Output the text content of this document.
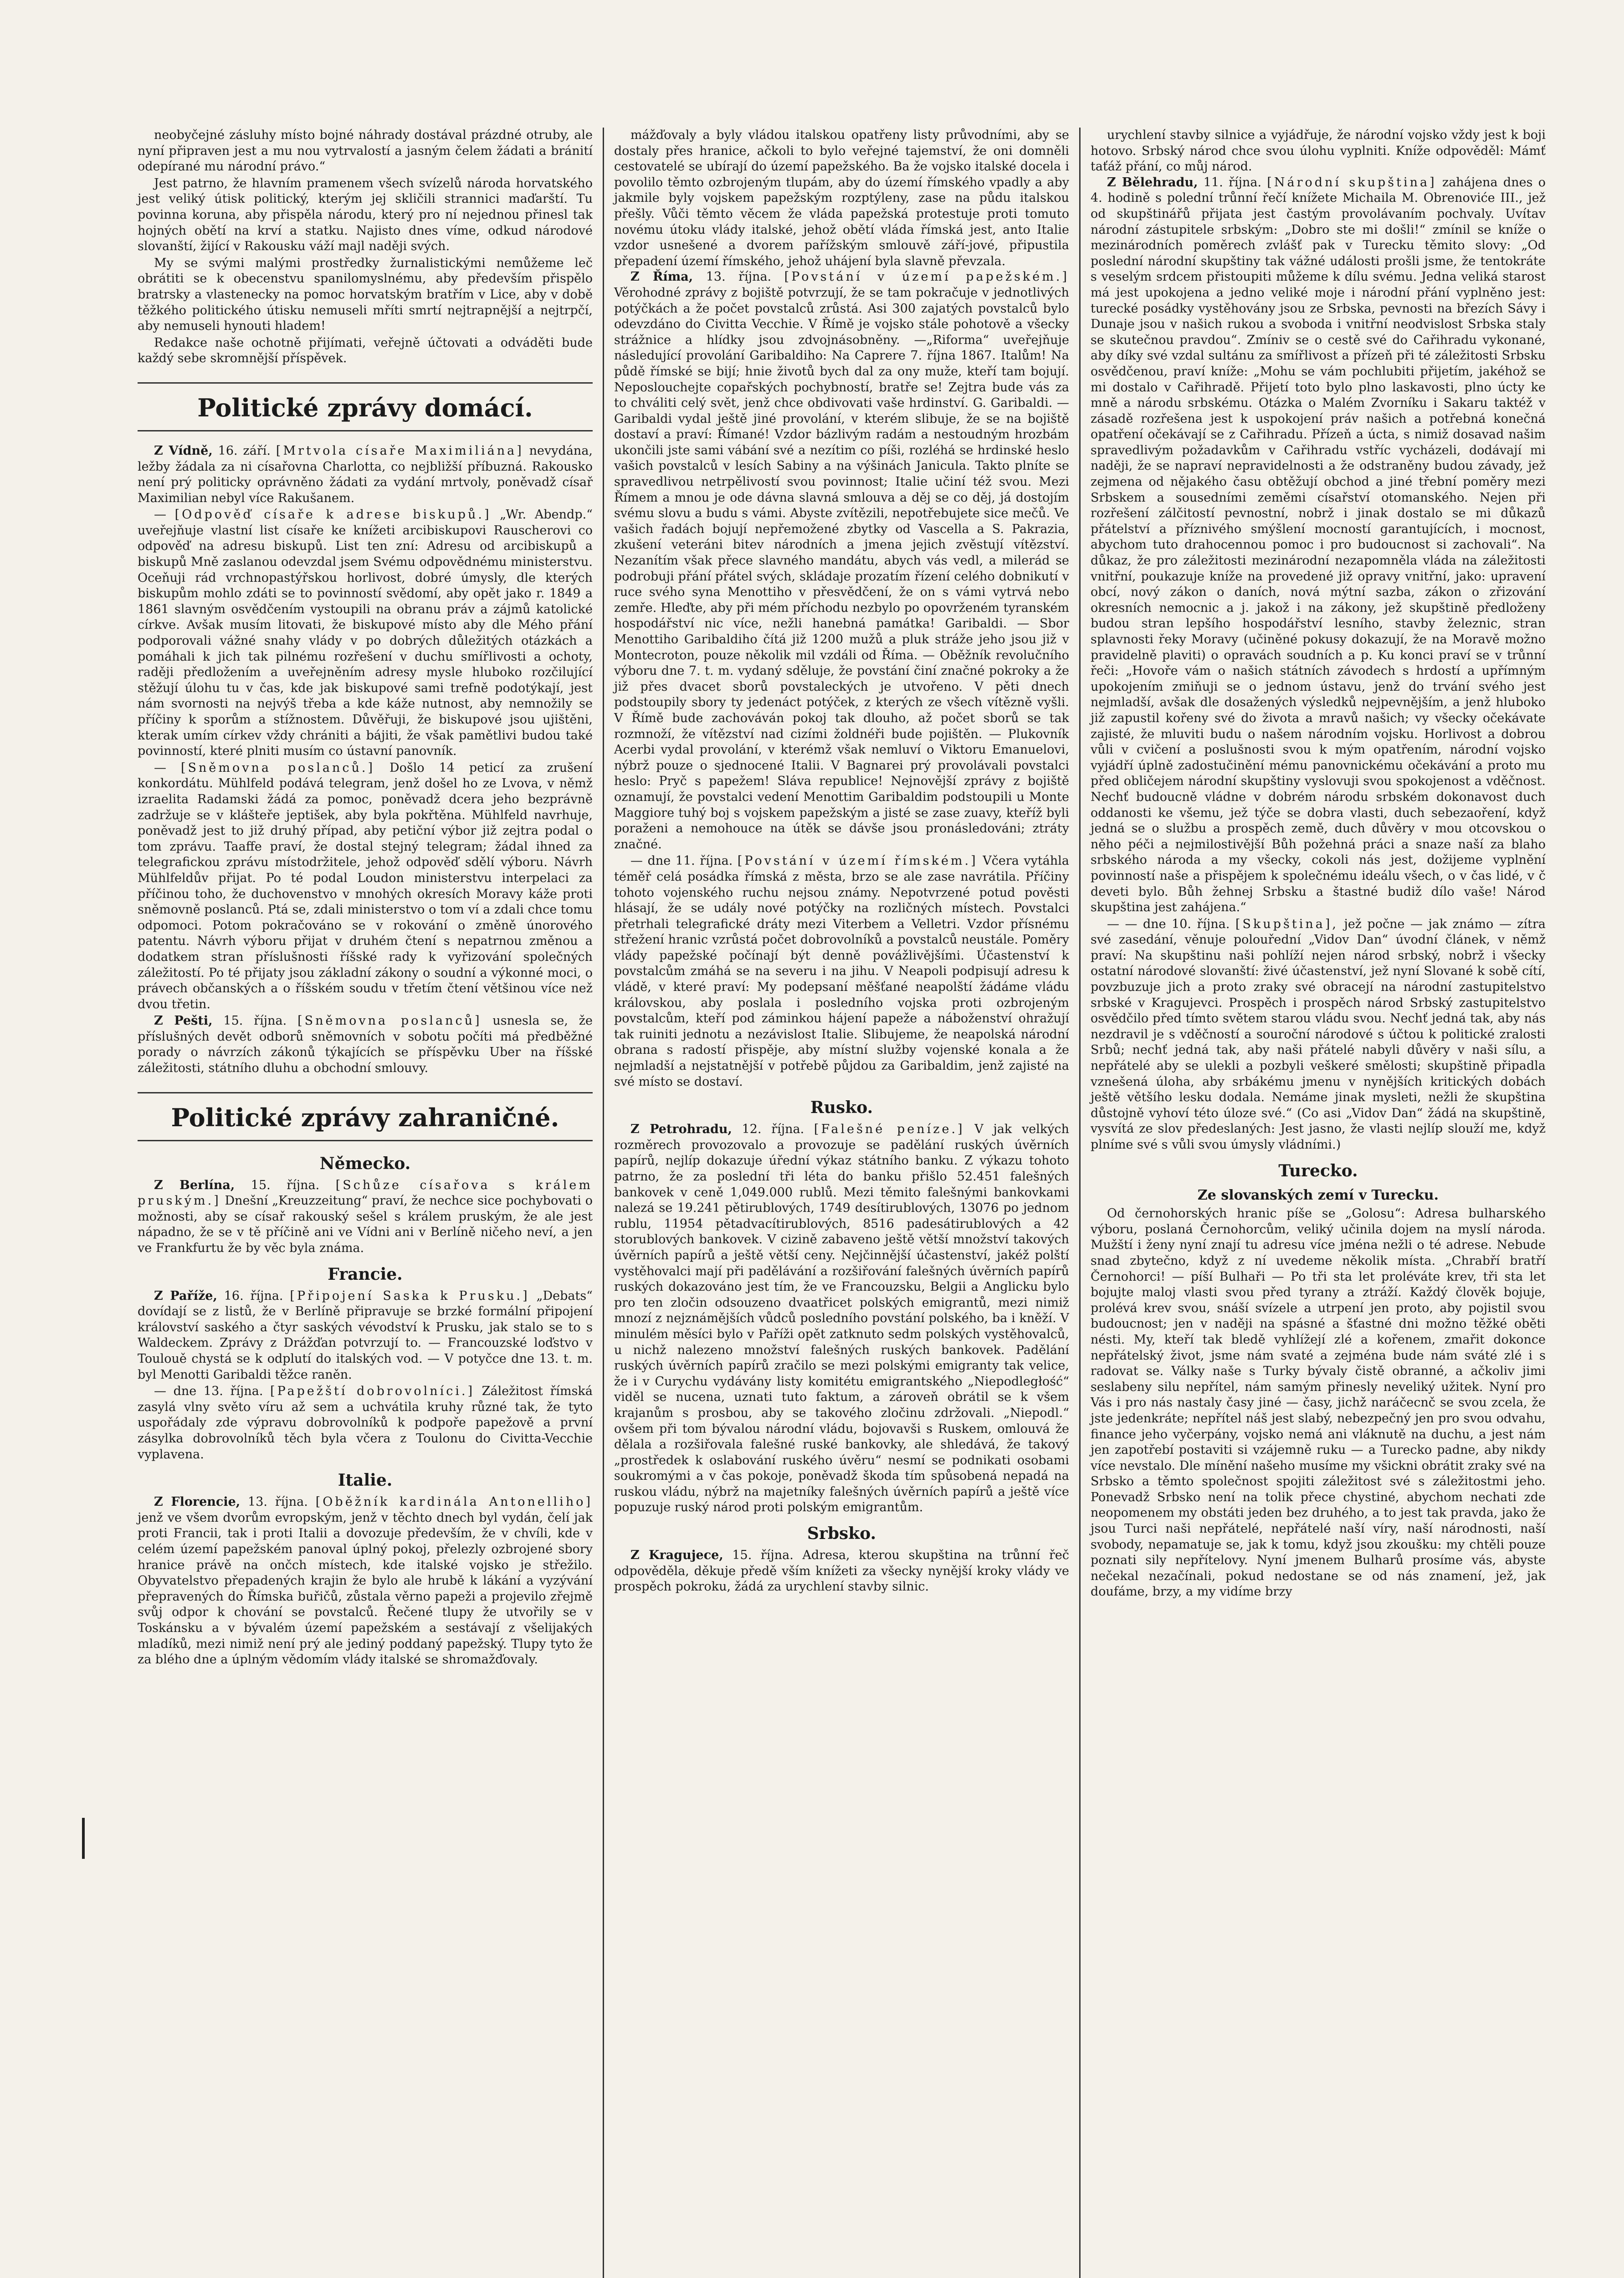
neobyčejné zásluhy místo bojné náhrady dostával prázdné otruby, ale nyní připraven jest a mu nou vytrvalostí a jasným čelem žádati a bránití odepírané mu národní právo.“

Jest patrno, že hlavním pramenem všech svízelů národa horvatského jest veliký útisk politický, kterým jej skličili strannici maďarští. Tu povinna koruna, aby přispěla národu, který pro ní nejednou přinesl tak hojných obětí na krví a statku. Najisto dnes víme, odkud národové slovanští, žijící v Rakousku váží majl naději svých.

My se svými malými prostředky žurnalistickými nemůžeme leč obrátiti se k obecenstvu spanilomyslnému, aby především přispělo bratrsky a vlastenecky na pomoc horvatským bratřím v Lice, aby v době těžkého politického útisku nemuseli mříti smrtí nejtrapnější a nejtrpčí, aby nemuseli hynouti hladem!

Redakce naše ochotně přijímati, veřejně účtovati a odváděti bude každý sebe skromnější příspěvek.

Politické zprávy domácí.

Z Vídně, 16. září. [Mrtvola císaře Maximiliána] nevydána, ležby žádala za ni císařovna Charlotta, co nejbližší příbuzná. Rakousko není prý politicky oprávněno žádati za vydání mrtvoly, poněvadž císař Maximilian nebyl více Rakušanem.

— [Odpověď císaře k adrese biskupů.] „Wr. Abendp.“ uveřejňuje vlastní list císaře ke knížeti arcibiskupovi Rauscherovi co odpověď na adresu biskupů. List ten zní: Adresu od arcibiskupů a biskupů Mně zaslanou odevzdal jsem Svému odpovědnému ministerstvu. Oceňuji rád vrchnopastýřskou horlivost, dobré úmysly, dle kterých biskupům mohlo zdáti se to povinností svědomí, aby opět jako r. 1849 a 1861 slavným osvědčením vystoupili na obranu práv a zájmů katolické církve. Avšak musím litovati, že biskupové místo aby dle Mého přání podporovali vážné snahy vlády v po dobrých důležitých otázkách a pomáhali k jich tak pilnému rozřešení v duchu smířlivosti a ochoty, raději předložením a uveřejněním adresy mysle hluboko rozčilující stěžují úlohu tu v čas, kde jak biskupové sami trefně podotýkají, jest nám svornosti na nejvýš třeba a kde káže nutnost, aby nemnožily se příčiny k sporům a stížnostem. Důvěřuji, že biskupové jsou ujištěni, kterak umím církev vždy chrániti a bájiti, že však pamětlivi budou také povinností, které plniti musím co ústavní panovník.

— [Sněmovna poslanců.] Došlo 14 peticí za zrušení konkordátu. Mühlfeld podává telegram, jenž došel ho ze Lvova, v němž izraelita Radamski žádá za pomoc, poněvadž dcera jeho bezprávně zadržuje se v klášteře jeptišek, aby byla pokřtěna. Mühlfeld navrhuje, poněvadž jest to již druhý případ, aby petiční výbor již zejtra podal o tom zprávu. Taaffe praví, že dostal stejný telegram; žádal ihned za telegrafickou zprávu místodržitele, jehož odpověď sdělí výboru. Návrh Mühlfeldův přijat. Po té podal Loudon ministerstvu interpelaci za příčinou toho, že duchovenstvo v mnohých okresích Moravy káže proti sněmovně poslanců. Ptá se, zdali ministerstvo o tom ví a zdali chce tomu odpomoci. Potom pokračováno se v rokování o změně únorového patentu. Návrh výboru přijat v druhém čtení s nepatrnou změnou a dodatkem stran příslušnosti říšské rady k vyřizování společných záležitostí. Po té přijaty jsou základní zákony o soudní a výkonné moci, o právech občanských a o říšském soudu v třetím čtení většinou více než dvou třetin.

Z Pešti, 15. října. [Sněmovna poslanců] usnesla se, že příslušných devět odborů sněmovních v sobotu počíti má předběžné porady o návrzích zákonů týkajících se příspěvku Uber na říšské záležitosti, státního dluhu a obchodní smlouvy.

Politické zprávy zahraničné.
Německo.

Z Berlína, 15. října. [Schůze císařova s králem pruským.] Dnešní „Kreuzzeitung“ praví, že nechce sice pochybovati o možnosti, aby se císař rakouský sešel s králem pruským, že ale jest nápadno, že se v tě příčině ani ve Vídni ani v Berlíně ničeho neví, a jen ve Frankfurtu že by věc byla známa.

Francie.

Z Paříže, 16. října. [Připojení Saska k Prusku.] „Debats“ dovídají se z listů, že v Berlíně připravuje se brzké formální připojení království saského a čtyr saských vévodství k Prusku, jak stalo se to s Waldeckem. Zprávy z Drážďan potvrzují to. — Francouzské loďstvo v Toulouě chystá se k odplutí do italských vod. — V potyčce dne 13. t. m. byl Menotti Garibaldi těžce raněn.

— dne 13. října. [Papežští dobrovolníci.] Záležitost římská zasylá vlny světo víru až sem a uchvátila kruhy různé tak, že tyto uspořádaly zde výpravu dobrovolníků k podpoře papežově a první zásylka dobrovolníků těch byla včera z Toulonu do Civitta-Vecchie vyplavena.

Italie.

Z Florencie, 13. října. [Oběžník kardinála Antonelliho] jenž ve všem dvorům evropským, jenž v těchto dnech byl vydán, čelí jak proti Francii, tak i proti Italii a dovozuje především, že v chvíli, kde v celém území papežském panoval úplný pokoj, přelezly ozbrojené sbory hranice právě na ončch místech, kde italské vojsko je střežilo. Obyvatelstvo přepadených krajin že bylo ale hrubě k lákání a vyzývání přepravených do Římska buřičů, zůstala věrno papeži a projevilo zřejmě svůj odpor k chování se povstalců. Řečené tlupy že utvořily se v Toskánsku a v bývalém území papežském a sestávají z všelijakých mladíků, mezi nimiž není prý ale jediný poddaný papežský. Tlupy tyto že za blého dne a úplným vědomím vlády italské se shromažďovaly.

mážďovaly a byly vládou italskou opatřeny listy průvodními, aby se dostaly přes hranice, ačkoli to bylo veřejné tajemství, že oni domněli cestovatelé se ubírají do území papežského. Ba že vojsko italské docela i povolilo těmto ozbrojeným tlupám, aby do území římského vpadly a aby jakmile byly vojskem papežským rozptýleny, zase na půdu italskou přešly. Vůči těmto věcem že vláda papežská protestuje proti tomuto novému útoku vlády italské, jehož obětí vláda římská jest, anto Italie vzdor usnešené a dvorem pařížským smlouvě září-jové, připustila přepadení území římského, jehož uhájení byla slavně převzala.

Z Říma, 13. října. [Povstání v území papežském.] Věrohodné zprávy z bojiště potvrzují, že se tam pokračuje v jednotlivých potýčkách a že počet povstalců zrůstá. Asi 300 zajatých povstalců bylo odevzdáno do Civitta Vecchie. V Římě je vojsko stále pohotově a všecky strážnice a hlídky jsou zdvojnásobněny. —„Riforma“ uveřejňuje následující provolání Garibaldiho: Na Caprere 7. října 1867. Italům! Na půdě římské se bijí; hnie životů bych dal za ony muže, kteří tam bojují. Neposlouchejte copařských pochybností, bratře se! Zejtra bude vás za to chváliti celý svět, jenž chce obdivovati vaše hrdinství. G. Garibaldi. — Garibaldi vydal ještě jiné provolání, v kterém slibuje, že se na bojiště dostaví a praví: Římané! Vzdor bázlivým radám a nestoudným hrozbám ukončili jste sami vábání své a nezítim co píši, rozléhá se hrdinské heslo vašich povstalců v lesích Sabiny a na výšinách Janicula. Takto plníte se spravedlivou netrpělivostí svou povinnost; Italie učiní též svou. Mezi Římem a mnou je ode dávna slavná smlouva a děj se co děj, já dostojím svému slovu a budu s vámi. Abyste zvítězili, nepotřebujete sice mečů. Ve vašich řadách bojují nepřemožené zbytky od Vascella a S. Pakrazia, zkušení veteráni bitev národních a jmena jejich zvěstují vítězství. Nezanítím však přece slavného mandátu, abych vás vedl, a milerád se podrobuji přání přátel svých, skládaje prozatím řízení celého dobnikutí v ruce svého syna Menottiho v přesvědčení, že on s vámi vytrvá nebo zemře. Hleďte, aby při mém příchodu nezbylo po opovrženém tyranském hospodářství nic více, nežli hanebná památka! Garibaldi. — Sbor Menottiho Garibaldiho čítá již 1200 mužů a pluk stráže jeho jsou již v Montecroton, pouze několik mil vzdáli od Říma. — Oběžník revolučního výboru dne 7. t. m. vydaný sděluje, že povstání činí značné pokroky a že již přes dvacet sborů povstaleckých je utvořeno. V pěti dnech podstoupily sbory ty jedenáct potýček, z kterých ze všech vítězně vyšli. V Římě bude zachováván pokoj tak dlouho, až počet sborů se tak rozmnoží, že vítězství nad cizími žoldnéři bude pojištěn. — Plukovník Acerbi vydal provolání, v kterémž však nemluví o Viktoru Emanuelovi, nýbrž pouze o sjednocené Italii. V Bagnarei prý provolávali povstalci heslo: Pryč s papežem! Sláva republice! Nejnovější zprávy z bojiště oznamují, že povstalci vedení Menottim Garibaldim podstoupili u Monte Maggiore tuhý boj s vojskem papežským a jisté se zase zuavy, kteříž byli poraženi a nemohouce na útěk se dávše jsou pronásledováni; ztráty značné.

— dne 11. října. [Povstání v území římském.] Včera vytáhla téměř celá posádka římská z města, brzo se ale zase navrátila. Příčiny tohoto vojenského ruchu nejsou známy. Nepotvrzené potud pověsti hlásají, že se udály nové potýčky na rozličných místech. Povstalci přetrhali telegrafické dráty mezi Viterbem a Velletri. Vzdor přísnému střežení hranic vzrůstá počet dobrovolníků a povstalců neustále. Poměry vlády papežské počínají být denně povážlivějšími. Účastenství k povstalcům zmáhá se na severu i na jihu. V Neapoli podpisují adresu k vládě, v které praví: My podepsaní měšťané neapolští žádáme vládu královskou, aby poslala i posledního vojska proti ozbrojeným povstalcům, kteří pod záminkou hájení papeže a náboženství ohražují tak ruiniti jednotu a nezávislost Italie. Slibujeme, že neapolská národní obrana s radostí přispěje, aby místní služby vojenské konala a že nejmladší a nejstatnější v potřebě půjdou za Garibaldim, jenž zajisté na své místo se dostaví.

Rusko.

Z Petrohradu, 12. října. [Falešné peníze.] V jak velkých rozměrech provozovalo a provozuje se padělání ruských úvěrních papírů, nejlíp dokazuje úřední výkaz státního banku. Z výkazu tohoto patrno, že za poslední tři léta do banku přišlo 52.451 falešných bankovek v ceně 1,049.000 rublů. Mezi těmito falešnými bankovkami nalezá se 19.241 pětirublových, 1749 desítirublových, 13076 po jednom rublu, 11954 pětadvacítirublových, 8516 padesátirublových a 42 storublových bankovek. V cizině zabaveno ještě větší množství takových úvěrních papírů a ještě větší ceny. Nejčinnější účastenství, jakéž polští vystěhovalci mají při padělávání a rozšiřování falešných úvěrních papírů ruských dokazováno jest tím, že ve Francouzsku, Belgii a Anglicku bylo pro ten zločin odsouzeno dvaatřicet polských emigrantů, mezi nimiž mnozí z nejznámějších vůdců posledního povstání polského, ba i kněží. V minulém měsíci bylo v Paříži opět zatknuto sedm polských vystěhovalců, u nichž nalezeno množství falešných ruských bankovek. Padělání ruských úvěrních papírů zračilo se mezi polskými emigranty tak velice, že i v Curychu vydávány listy komitétu emigrantského „Niepodległość“ viděl se nucena, uznati tuto faktum, a zároveň obrátil se k všem krajanům s prosbou, aby se takového zločinu zdržovali. „Niepodl.“ ovšem při tom bývalou národní vládu, bojovavši s Ruskem, omlouvá že dělala a rozšiřovala falešné ruské bankovky, ale shledává, že takový „prostředek k oslabování ruského úvěru“ nesmí se podnikati osobami soukromými a v čas pokoje, poněvadž škoda tím spůsobená nepadá na ruskou vládu, nýbrž na majetníky falešných úvěrních papírů a ještě více popuzuje ruský národ proti polským emigrantům.

Srbsko.

Z Kragujece, 15. října. Adresa, kterou skupština na trůnní řeč odpověděla, děkuje předě vším knížeti za všecky nynější kroky vlády ve prospěch pokroku, žádá za urychlení stavby silnic.

urychlení stavby silnice a vyjádřuje, že národní vojsko vždy jest k boji hotovo. Srbský národ chce svou úlohu vyplniti. Kníže odpověděl: Mámť taťáž přání, co můj národ.

Z Bělehradu, 11. října. [Národní skupština] zahájena dnes o 4. hodině s polední trůnní řečí knížete Michaila M. Obrenoviće III., jež od skupštinářů přijata jest častým provolávaním pochvaly. Uvítav národní zástupitele srbským: „Dobro ste mi došli!“ zmínil se kníže o mezinárodních poměrech zvlášť pak v Turecku těmito slovy: „Od poslední národní skupštiny tak vážné události prošli jsme, že tentokráte s veselým srdcem přistoupiti můžeme k dílu svému. Jedna veliká starost má jest upokojena a jedno veliké moje i národní přání vyplněno jest: turecké posádky vystěhovány jsou ze Srbska, pevnosti na březích Sávy i Dunaje jsou v našich rukou a svoboda i vnitřní neodvislost Srbska staly se skutečnou pravdou“. Zmíniv se o cestě své do Cařihradu vykonané, aby díky své vzdal sultánu za smířlivost a přízeň při té záležitosti Srbsku osvědčenou, praví kníže: „Mohu se vám pochlubiti přijetím, jakéhož se mi dostalo v Cařihradě. Přijetí toto bylo plno laskavosti, plno úcty ke mně a národu srbskému. Otázka o Malém Zvorníku i Sakaru taktéž v zásadě rozřešena jest k uspokojení práv našich a potřebná konečná opatření očekávají se z Cařihradu. Přízeň a úcta, s nimiž dosavad našim spravedlivým požadavkům v Cařihradu vstříc vycházeli, dodávají mi naději, že se napraví nepravidelnosti a že odstraněny budou závady, jež zejmena od nějakého času obtěžují obchod a jiné třební poměry mezi Srbskem a sousedními zeměmi císařství otomanského. Nejen při rozřešení zálčitostí pevnostní, nobrž i jinak dostalo se mi důkazů přátelství a příznivého smýšlení mocností garantujících, i mocnost, abychom tuto drahocennou pomoc i pro budoucnost si zachovali“. Na důkaz, že pro záležitosti mezinárodní nezapomněla vláda na záležitosti vnitřní, poukazuje kníže na provedené již opravy vnitřní, jako: upravení obcí, nový zákon o daních, nová mýtní sazba, zákon o zřizování okresních nemocnic a j. jakož i na zákony, jež skupštině předloženy budou stran lepšího hospodářství lesního, stavby železnic, stran splavnosti řeky Moravy (učiněné pokusy dokazují, že na Moravě možno pravidelně plaviti) o opravách soudních a p. Ku konci praví se v trůnní řeči: „Hovoře vám o našich státních závodech s hrdostí a upřímným upokojením zmiňuji se o jednom ústavu, jenž do trvání svého jest nejmladší, avšak dle dosažených výsledků nejpevnějším, a jenž hluboko již zapustil kořeny své do života a mravů našich; vy všecky očekávate zajisté, že mluviti budu o našem národním vojsku. Horlivost a dobrou vůli v cvičení a poslušnosti svou k mým opatřením, národní vojsko vyjádří úplně zadostučinění mému panovnickému očekávání a proto mu před obličejem národní skupštiny vyslovuji svou spokojenost a vděčnost. Nechť budoucně vládne v dobrém národu srbském dokonavost duch oddanosti ke všemu, jež týče se dobra vlasti, duch sebezaoření, když jedná se o službu a prospěch země, duch důvěry v mou otcovskou o něho péči a nejmilostivější Bůh požehná práci a snaze naší za blaho srbského národa a my všecky, cokoli nás jest, dožijeme vyplnění povinností naše a přispějem k společnému ideálu všech, o v čas lidé, v č deveti bylo. Bůh žehnej Srbsku a štastné budiž dílo vaše! Národ skupština jest zahájena.“

— — dne 10. října. [Skupština], jež počne — jak známo — zítra své zasedání, věnuje polouřední „Vidov Dan“ úvodní článek, v němž praví: Na skupštinu naši pohlíží nejen národ srbský, nobrž i všecky ostatní národové slovanští: živé účastenství, jež nyní Slované k sobě cítí, povzbuzuje jich a proto zraky své obracejí na národní zastupitelstvo srbské v Kragujevci. Prospěch i prospěch národ Srbský zastupitelstvo osvědčilo před tímto světem starou vládu svou. Nechť jedná tak, aby nás nezdravil je s vděčností a souroční národové s účtou k politické zralosti Srbů; nechť jedná tak, aby naši přátelé nabyli důvěry v naši sílu, a nepřátelé aby se ulekli a pozbyli veškeré smělosti; skupštině připadla vznešená úloha, aby srbákému jmenu v nynějších kritických dobách ještě většího lesku dodala. Nemáme jinak mysleti, nežli že skupština důstojně vyhoví této úloze své.“ (Co asi „Vidov Dan“ žádá na skupštině, vysvítá ze slov předeslaných: Jest jasno, že vlasti nejlíp slouží me, když plníme své s vůli svou úmysly vládními.)

Turecko.
Ze slovanských zemí v Turecku.

Od černohorských hranic píše se „Golosu“: Adresa bulharského výboru, poslaná Černohorcům, veliký učinila dojem na myslí národa. Mužští i ženy nyní znají tu adresu více jména nežli o té adrese. Nebude snad zbytečno, když z ní uvedeme několik místa. „Chrabří bratří Černohorci! — píší Bulhaři — Po tři sta let proléváte krev, tři sta let bojujte maloj vlasti svou před tyrany a ztráží. Každý člověk bojuje, prolévá krev svou, snáší svízele a utrpení jen proto, aby pojistil svou budoucnost; jen v naději na spásné a šťastné dni možno těžké oběti nésti. My, kteří tak bledě vyhlížejí zlé a kořenem, zmařit dokonce nepřátelský život, jsme nám svaté a zejména bude nám sváté zlé i s radovat se. Války naše s Turky bývaly čistě obranné, a ačkoliv jimi seslabeny silu nepřítel, nám samým přinesly neveliký užitek. Nyní pro Vás i pro nás nastaly časy jiné — časy, jichž naráčecnč se svou zcela, že jste jedenkráte; nepřítel náš jest slabý, nebezpečný jen pro svou odvahu, finance jeho vyčerpány, vojsko nemá ani vláknutě na duchu, a jest nám jen zapotřebí postaviti si vzájemně ruku — a Turecko padne, aby nikdy více nevstalo. Dle mínění našeho musíme my všickni obrátit zraky své na Srbsko a těmto společnost spojiti záležitost své s záležitostmi jeho. Ponevadž Srbsko není na tolik přece chystiné, abychom nechati zde neopomenem my obstáti jeden bez druhého, a to jest tak pravda, jako že jsou Turci naši nepřátelé, nepřátelé naší víry, naší národnosti, naší svobody, nepamatuje se, jak k tomu, když jsou zkoušku: my chtěli pouze poznati sily nepřítelovy. Nyní jmenem Bulharů prosíme vás, abyste nečekal nezačínali, pokud nedostane se od nás znamení, jež, jak doufáme, brzy, a my vidíme brzy
